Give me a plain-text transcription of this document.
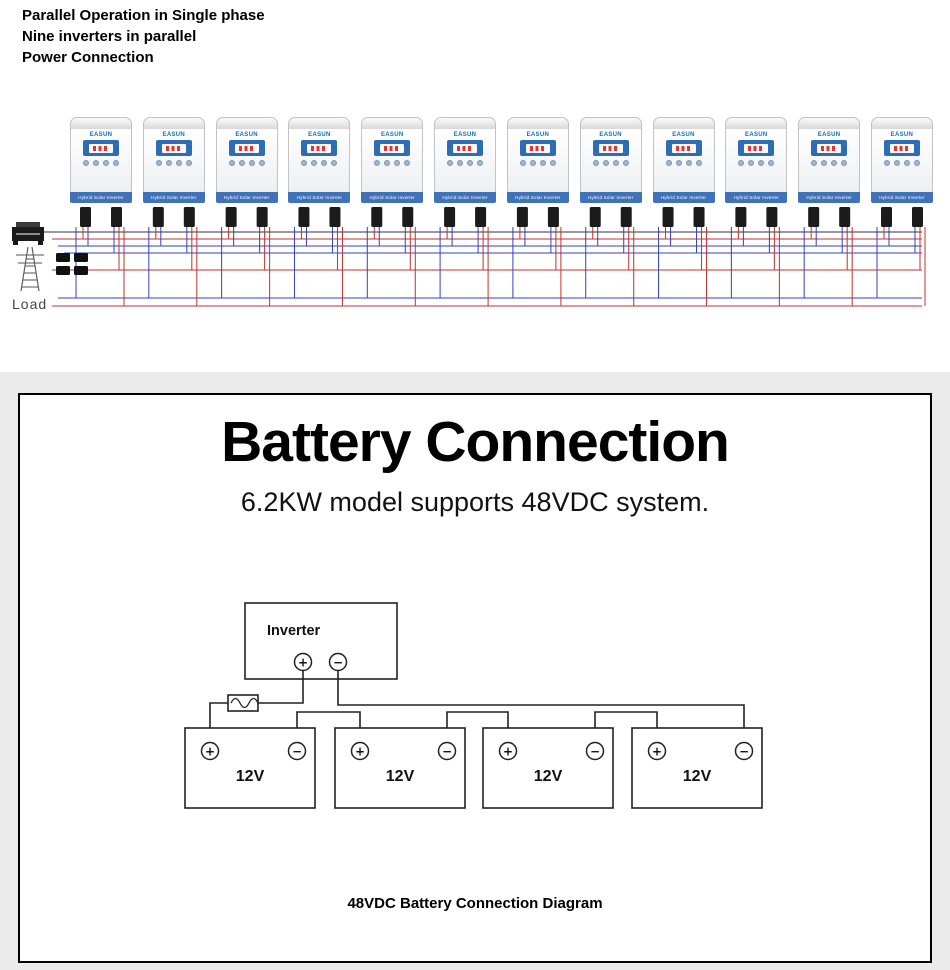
Parallel Operation in Single phase
Nine inverters in parallel
Power Connection
EASUN
Hybrid Solar Inverter
EASUN
Hybrid Solar Inverter
EASUN
Hybrid Solar Inverter
EASUN
Hybrid Solar Inverter
EASUN
Hybrid Solar Inverter
EASUN
Hybrid Solar Inverter
EASUN
Hybrid Solar Inverter
EASUN
Hybrid Solar Inverter
EASUN
Hybrid Solar Inverter
EASUN
Hybrid Solar Inverter
EASUN
Hybrid Solar Inverter
EASUN
Hybrid Solar Inverter
Load
Battery Connection
6.2KW model supports 48VDC system.
Inverter
+ −
+	−
12V
+	−
12V
+	−
12V
+	−
12V
48VDC Battery Connection Diagram
